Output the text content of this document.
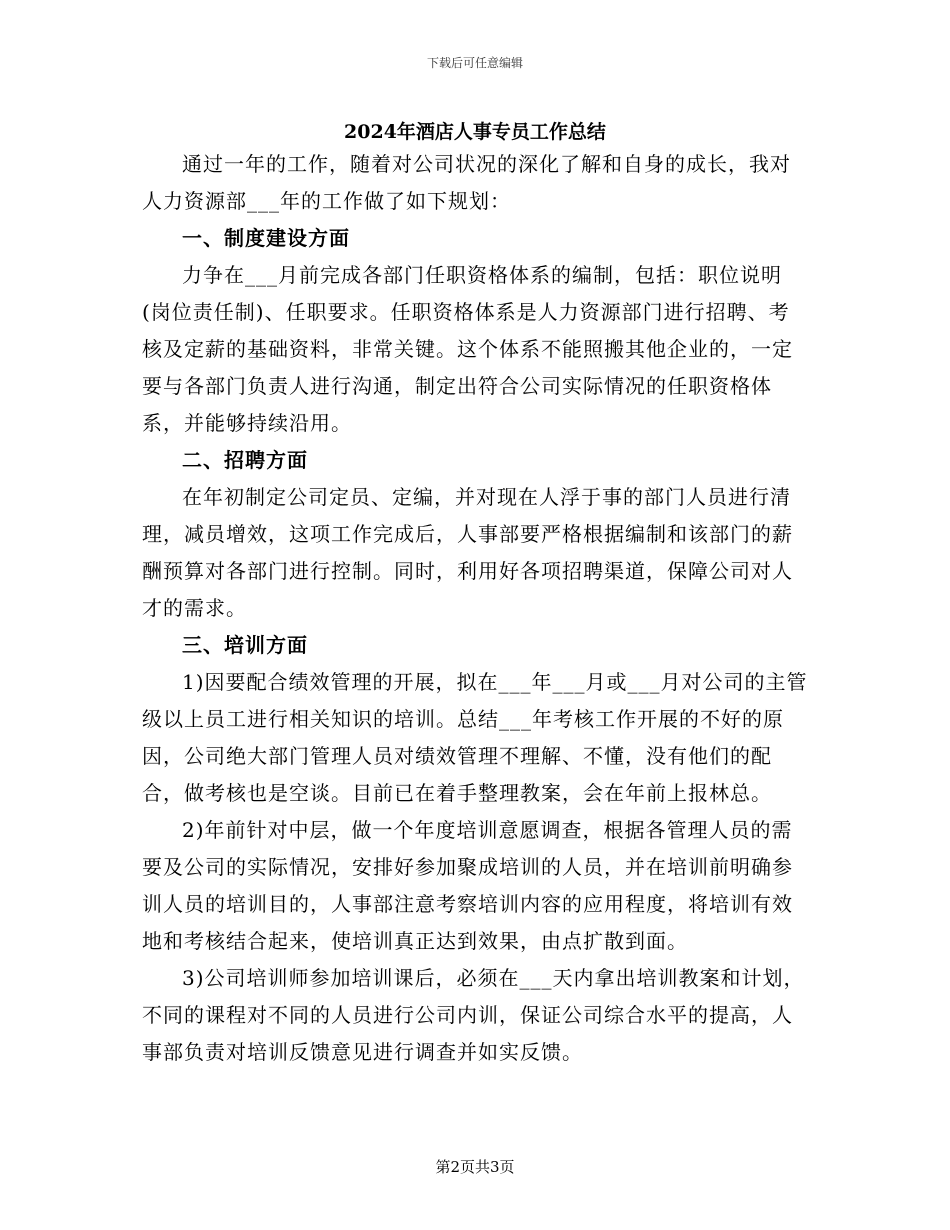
下载后可任意编辑
2024年酒店人事专员工作总结

通过一年的工作，随着对公司状况的深化了解和自身的成长，我对人力资源部___年的工作做了如下规划：

一、制度建设方面

力争在___月前完成各部门任职资格体系的编制，包括：职位说明(岗位责任制)、任职要求。任职资格体系是人力资源部门进行招聘、考核及定薪的基础资料，非常关键。这个体系不能照搬其他企业的，一定要与各部门负责人进行沟通，制定出符合公司实际情况的任职资格体系，并能够持续沿用。

二、招聘方面

在年初制定公司定员、定编，并对现在人浮于事的部门人员进行清理，减员增效，这项工作完成后，人事部要严格根据编制和该部门的薪酬预算对各部门进行控制。同时，利用好各项招聘渠道，保障公司对人才的需求。

三、培训方面

1)因要配合绩效管理的开展，拟在___年___月或___月对公司的主管级以上员工进行相关知识的培训。总结___年考核工作开展的不好的原因，公司绝大部门管理人员对绩效管理不理解、不懂，没有他们的配合，做考核也是空谈。目前已在着手整理教案，会在年前上报林总。

2)年前针对中层，做一个年度培训意愿调查，根据各管理人员的需要及公司的实际情况，安排好参加聚成培训的人员，并在培训前明确参训人员的培训目的，人事部注意考察培训内容的应用程度，将培训有效地和考核结合起来，使培训真正达到效果，由点扩散到面。

3)公司培训师参加培训课后，必须在___天内拿出培训教案和计划，不同的课程对不同的人员进行公司内训，保证公司综合水平的提高，人事部负责对培训反馈意见进行调查并如实反馈。

第2页共3页
